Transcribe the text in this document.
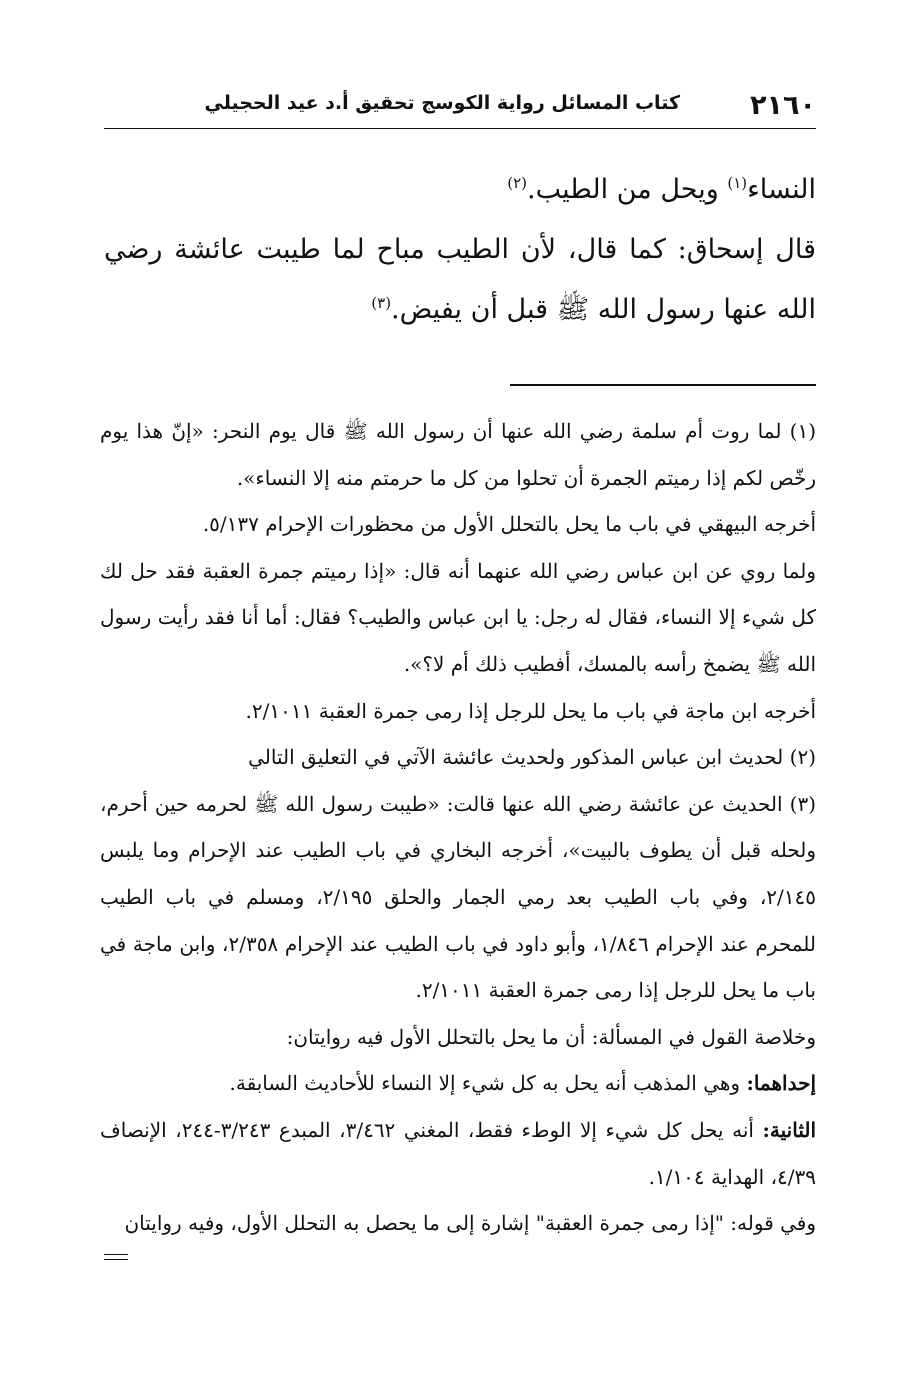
٢١٦٠
كتاب المسائل رواية الكوسج تحقيق أ.د عيد الحجيلي

النساء$^{(١)}$ ويحل من الطيب.$^{(٢)}$

قال إسحاق: كما قال، لأن الطيب مباح لما طيبت عائشة رضي الله عنها رسول الله ﷺ قبل أن يفيض.$^{(٣)}$

(١) لما روت أم سلمة رضي الله عنها أن رسول الله ﷺ قال يوم النحر: «إنّ هذا يوم رخّص لكم إذا رميتم الجمرة أن تحلوا من كل ما حرمتم منه إلا النساء».

أخرجه البيهقي في باب ما يحل بالتحلل الأول من محظورات الإحرام ٥/١٣٧.

ولما روي عن ابن عباس رضي الله عنهما أنه قال: «إذا رميتم جمرة العقبة فقد حل لك كل شيء إلا النساء، فقال له رجل: يا ابن عباس والطيب؟ فقال: أما أنا فقد رأيت رسول الله ﷺ يضمخ رأسه بالمسك، أفطيب ذلك أم لا؟».

أخرجه ابن ماجة في باب ما يحل للرجل إذا رمى جمرة العقبة ٢/١٠١١.

(٢) لحديث ابن عباس المذكور ولحديث عائشة الآتي في التعليق التالي

(٣) الحديث عن عائشة رضي الله عنها قالت: «طيبت رسول الله ﷺ لحرمه حين أحرم، ولحله قبل أن يطوف بالبيت»، أخرجه البخاري في باب الطيب عند الإحرام وما يلبس ٢/١٤٥، وفي باب الطيب بعد رمي الجمار والحلق ٢/١٩٥، ومسلم في باب الطيب للمحرم عند الإحرام ١/٨٤٦، وأبو داود في باب الطيب عند الإحرام ٢/٣٥٨، وابن ماجة في باب ما يحل للرجل إذا رمى جمرة العقبة ٢/١٠١١.

وخلاصة القول في المسألة: أن ما يحل بالتحلل الأول فيه روايتان:

إحداهما: وهي المذهب أنه يحل به كل شيء إلا النساء للأحاديث السابقة.

الثانية: أنه يحل كل شيء إلا الوطء فقط، المغني ٣/٤٦٢، المبدع ٣/٢٤٣-٢٤٤، الإنصاف ٤/٣٩، الهداية ١/١٠٤.

وفي قوله: "إذا رمى جمرة العقبة" إشارة إلى ما يحصل به التحلل الأول، وفيه روايتان
